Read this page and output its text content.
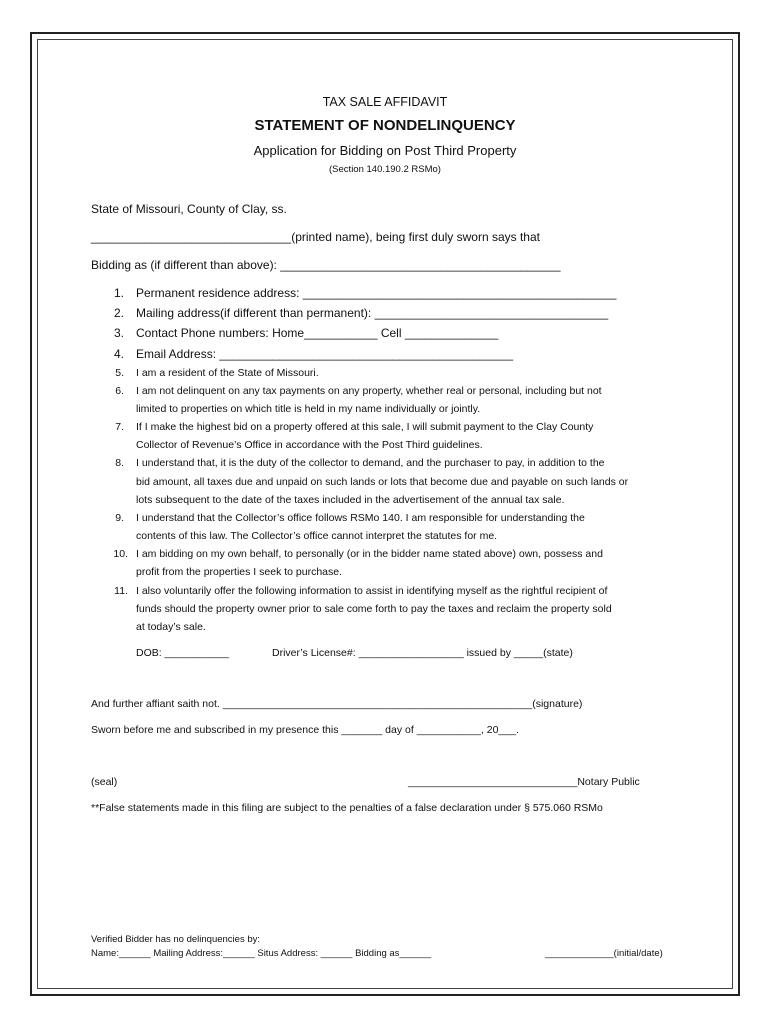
TAX SALE AFFIDAVIT
STATEMENT OF NONDELINQUENCY
Application for Bidding on Post Third Property
(Section 140.190.2 RSMo)
State of Missouri, County of Clay, ss.
______________________________(printed name), being first duly sworn says that
Bidding as (if different than above): __________________________________________
1. Permanent residence address: _______________________________________________
2. Mailing address(if different than permanent): ___________________________________
3. Contact Phone numbers: Home___________ Cell ______________
4. Email Address: ____________________________________________
5. I am a resident of the State of Missouri.
6. I am not delinquent on any tax payments on any property, whether real or personal, including but not
limited to properties on which title is held in my name individually or jointly.
7. If I make the highest bid on a property offered at this sale, I will submit payment to the Clay County
Collector of Revenue’s Office in accordance with the Post Third guidelines.
8. I understand that, it is the duty of the collector to demand, and the purchaser to pay, in addition to the
bid amount, all taxes due and unpaid on such lands or lots that become due and payable on such lands or
lots subsequent to the date of the taxes included in the advertisement of the annual tax sale.
9. I understand that the Collector’s office follows RSMo 140. I am responsible for understanding the
contents of this law. The Collector’s office cannot interpret the statutes for me.
10. I am bidding on my own behalf, to personally (or in the bidder name stated above) own, possess and
profit from the properties I seek to purchase.
11. I also voluntarily offer the following information to assist in identifying myself as the rightful recipient of
funds should the property owner prior to sale come forth to pay the taxes and reclaim the property sold
at today’s sale.
DOB: ___________	Driver’s License#: __________________ issued by _____(state)
And further affiant saith not. _____________________________________________________(signature)
Sworn before me and subscribed in my presence this _______ day of ___________, 20___.
(seal)	_____________________________Notary Public
**False statements made in this filing are subject to the penalties of a false declaration under § 575.060 RSMo
Verified Bidder has no delinquencies by:
Name:______ Mailing Address:______ Situs Address: ______ Bidding as______	_____________(initial/date)
